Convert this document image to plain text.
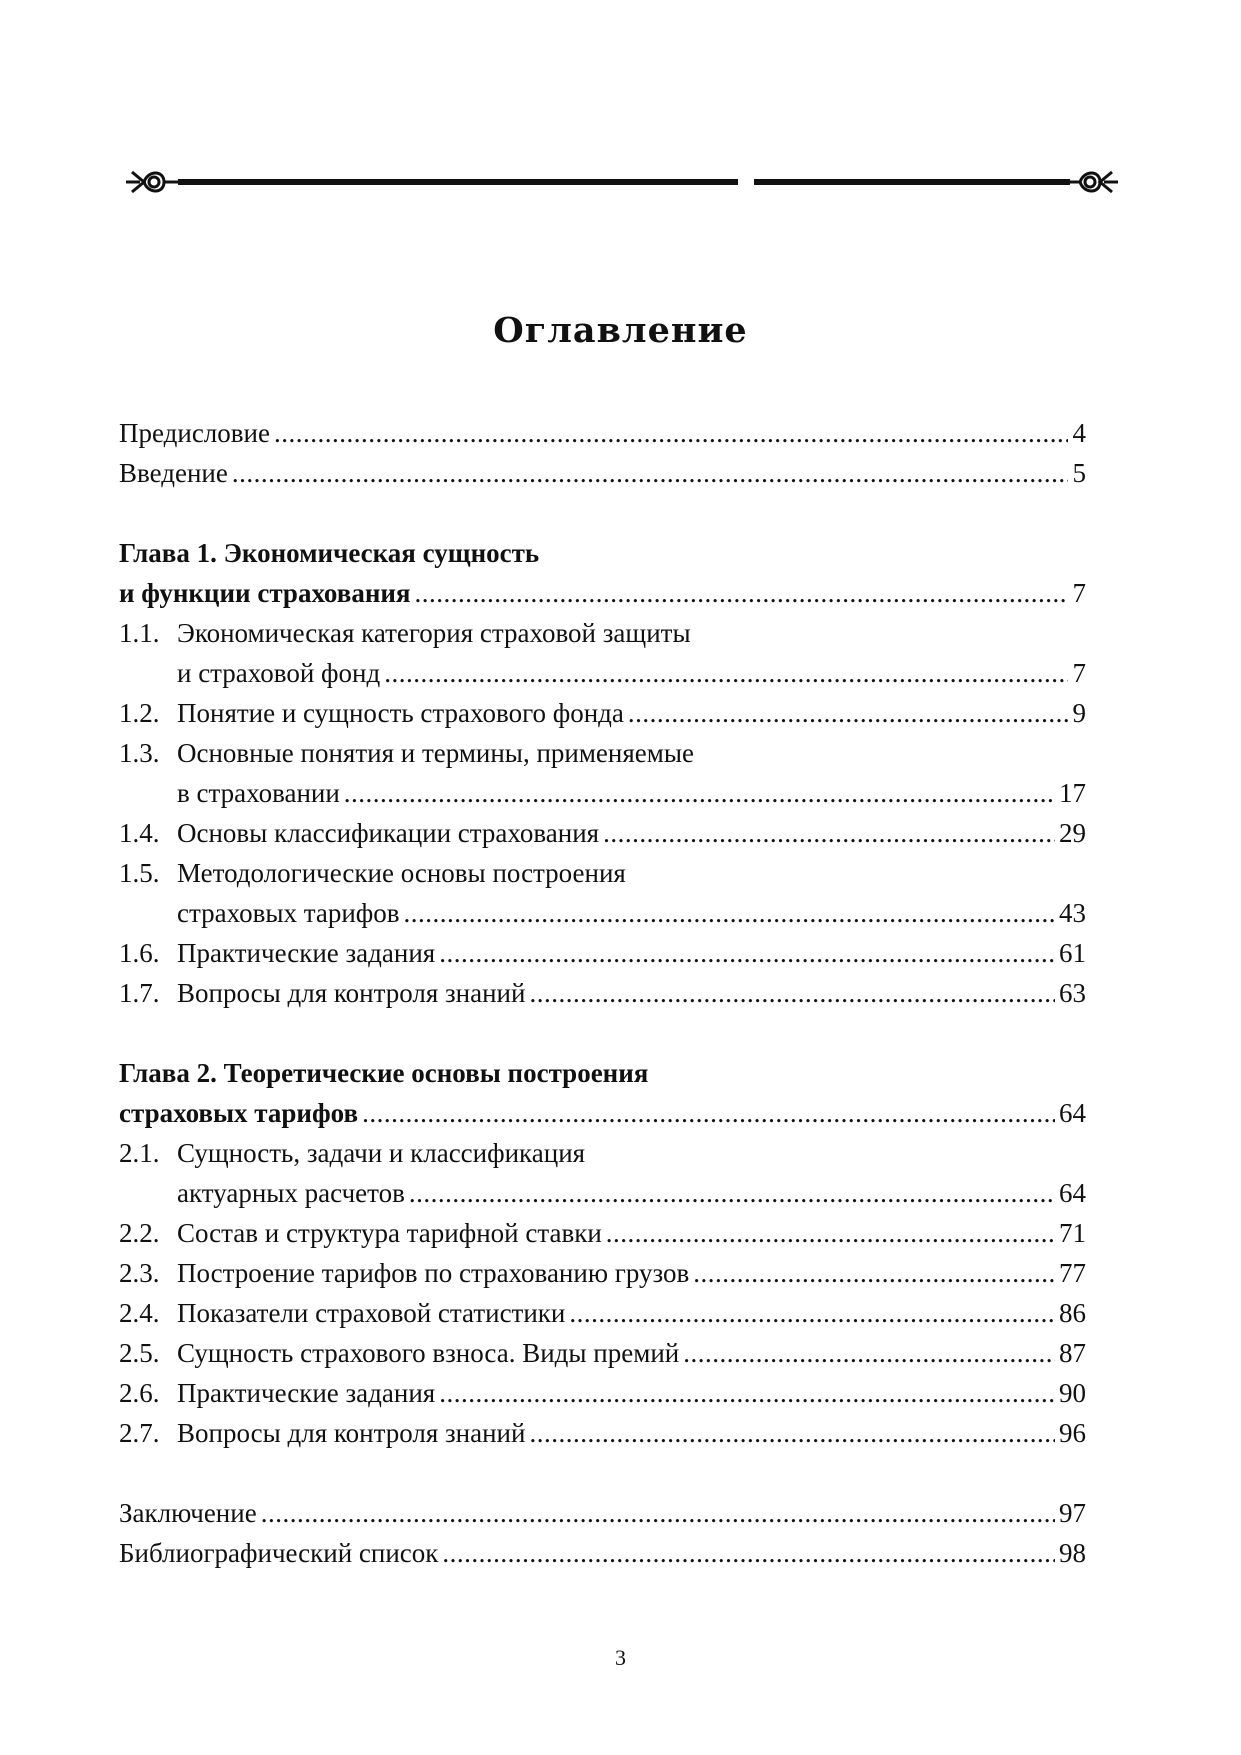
Оглавление
Предисловие .....	4
Введение .....	5
Глава 1. Экономическая сущность
и функции страхования .....	7
1.1. Экономическая категория страховой защиты
и страховой фонд .....	7
1.2. Понятие и сущность страхового фонда .....	9
1.3. Основные понятия и термины, применяемые
в страховании .....	17
1.4. Основы классификации страхования .....	29
1.5. Методологические основы построения
страховых тарифов .....	43
1.6. Практические задания .....	61
1.7. Вопросы для контроля знаний .....	63
Глава 2. Теоретические основы построения
страховых тарифов .....	64
2.1. Сущность, задачи и классификация
актуарных расчетов .....	64
2.2. Состав и структура тарифной ставки .....	71
2.3. Построение тарифов по страхованию грузов .....	77
2.4. Показатели страховой статистики .....	86
2.5. Сущность страхового взноса. Виды премий .....	87
2.6. Практические задания .....	90
2.7. Вопросы для контроля знаний .....	96
Заключение .....	97
Библиографический список .....	98
3
